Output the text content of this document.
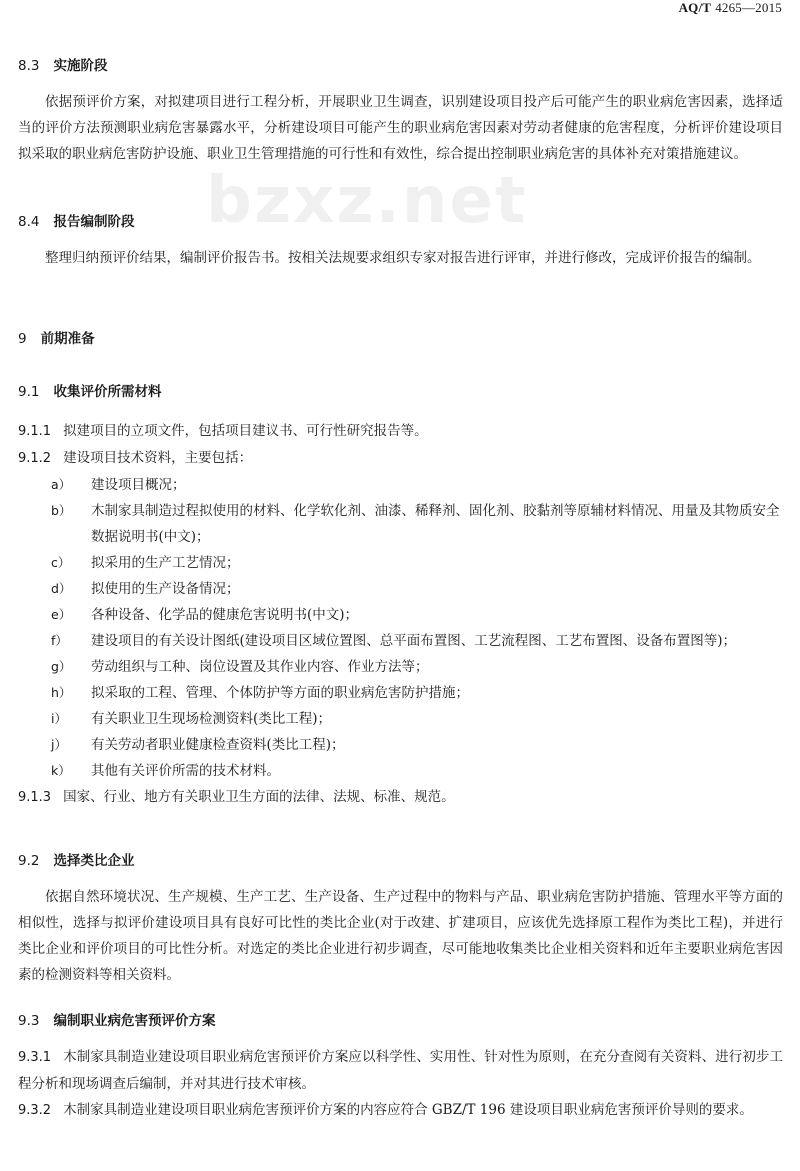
AQ/T 4265—2015
bzxz.net
8.3 实施阶段

依据预评价方案，对拟建项目进行工程分析，开展职业卫生调查，识别建设项目投产后可能产生的职业病危害因素，选择适当的评价方法预测职业病危害暴露水平，分析建设项目可能产生的职业病危害因素对劳动者健康的危害程度，分析评价建设项目拟采取的职业病危害防护设施、职业卫生管理措施的可行性和有效性，综合提出控制职业病危害的具体补充对策措施建议。

8.4 报告编制阶段

整理归纳预评价结果，编制评价报告书。按相关法规要求组织专家对报告进行评审，并进行修改，完成评价报告的编制。

9 前期准备
9.1 收集评价所需材料
9.1.1 拟建项目的立项文件，包括项目建议书、可行性研究报告等。
9.1.2 建设项目技术资料，主要包括：
a） 建设项目概况；
b） 木制家具制造过程拟使用的材料、化学软化剂、油漆、稀释剂、固化剂、胶黏剂等原辅材料情况、用量及其物质安全数据说明书(中文)；
c） 拟采用的生产工艺情况；
d） 拟使用的生产设备情况；
e） 各种设备、化学品的健康危害说明书(中文)；
f） 建设项目的有关设计图纸(建设项目区域位置图、总平面布置图、工艺流程图、工艺布置图、设备布置图等)；
g） 劳动组织与工种、岗位设置及其作业内容、作业方法等；
h） 拟采取的工程、管理、个体防护等方面的职业病危害防护措施；
i） 有关职业卫生现场检测资料(类比工程)；
j） 有关劳动者职业健康检查资料(类比工程)；
k） 其他有关评价所需的技术材料。
9.1.3 国家、行业、地方有关职业卫生方面的法律、法规、标准、规范。
9.2 选择类比企业

依据自然环境状况、生产规模、生产工艺、生产设备、生产过程中的物料与产品、职业病危害防护措施、管理水平等方面的相似性，选择与拟评价建设项目具有良好可比性的类比企业(对于改建、扩建项目，应该优先选择原工程作为类比工程)，并进行类比企业和评价项目的可比性分析。对选定的类比企业进行初步调查，尽可能地收集类比企业相关资料和近年主要职业病危害因素的检测资料等相关资料。

9.3 编制职业病危害预评价方案
9.3.1 木制家具制造业建设项目职业病危害预评价方案应以科学性、实用性、针对性为原则，在充分查阅有关资料、进行初步工程分析和现场调查后编制，并对其进行技术审核。
9.3.2 木制家具制造业建设项目职业病危害预评价方案的内容应符合 GBZ/T 196 建设项目职业病危害预评价导则的要求。
